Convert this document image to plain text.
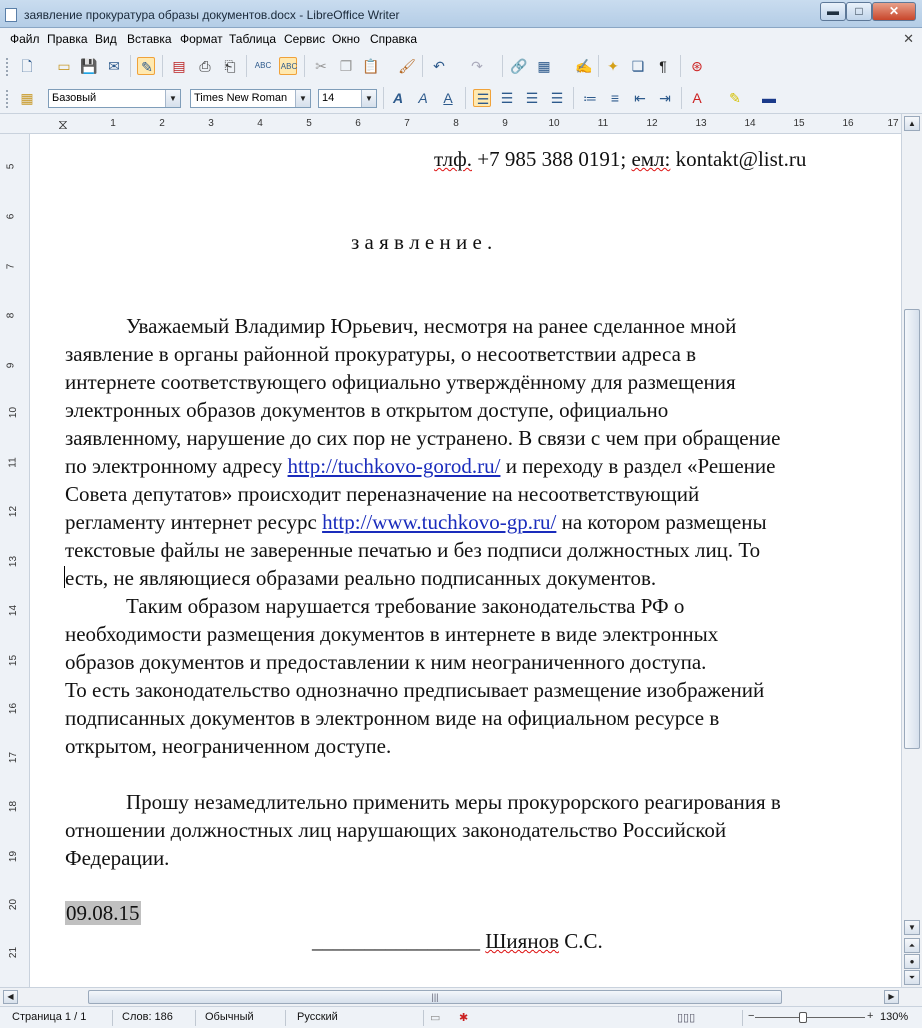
заявление прокуратура образы документов.docx - LibreOffice Writer	▬	□	✕
Файл Правка Вид Вставка Формат Таблица Сервис Окно Справка	✕
🗋 ▭ 💾 ✉ ✎ ▤ ⎙ ⎗	ABC ABC ✂ ❐ 📋 🖌 ↶ ↷ 🔗 ▦ ✍ ✦ ❏	¶	⊛
▦	Базовый	▼	Times New Roman	▼	14	▼ A	A	A	☰ ☰ ☰ ☰ ≔ ≡	⇤ ⇥	A	✎ ▬
⧖	1	2	3	4	5	6	7	8	9	10	11	12	13	14	15	16	17
5
6
7
8
9
10
11
12
13
14
15
16
17
18
19
20
21
тлф. +7 985 388 0191; емл: kontakt@list.ru
з а я в л е н и е .
Уважаемый Владимир Юрьевич, несмотря на ранее сделанное мной
заявление в органы районной прокуратуры, о несоответствии адреса в
интернете соответствующего официально утверждённому для размещения
электронных образов документов в открытом доступе, официально
заявленному, нарушение до сих пор не устранено. В связи с чем при обращение
по электронному адресу http://tuchkovo-gorod.ru/ и переходу в раздел «Решение
Совета депутатов» происходит переназначение на несоответствующий
регламенту интернет ресурс http://www.tuchkovo-gp.ru/ на котором размещены
текстовые файлы не заверенные печатью и без подписи должностных лиц. То
есть, не являющиеся образами реально подписанных документов.
Таким образом нарушается требование законодательства РФ о
необходимости размещения документов в интернете в виде электронных
образов документов и предоставлении к ним неограниченного доступа.
То есть законодательство однозначно предписывает размещение изображений
подписанных документов в электронном виде на официальном ресурсе в
открытом, неограниченном доступе.
Прошу незамедлительно применить меры прокурорского реагирования в
отношении должностных лиц нарушающих законодательство Российской
Федерации.
09.08.15
________________ Шиянов С.С.
▲
▼
⏶
●
⏷
◀	|||	▶
Страница 1 / 1	Слов: 186	Обычный	Русский	▭ ✱	▯▯▯	−	+ 130%
